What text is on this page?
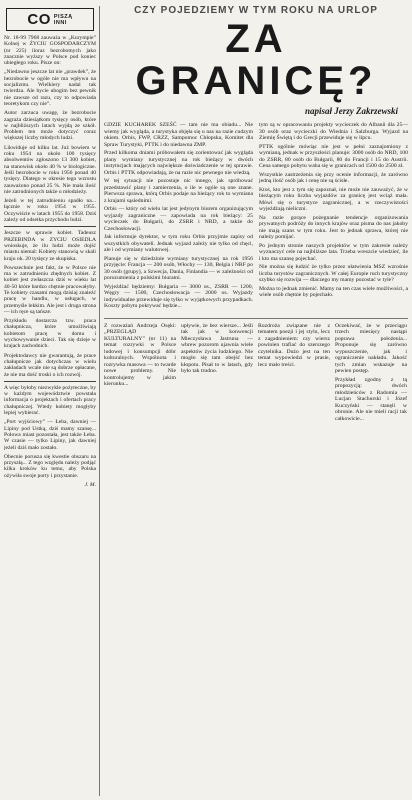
CO PISZĄ
INNI

Nr. 18-99 7968 zauważa w „Kurympie” Kolnej w ŻYCIU GOSPODARCZYM (nr 225) iloraz bezrobotnych jako znacznie wyższy w Polsce pod koniec ubiegłego roku. Pisze on:

„Niedawno jeszcze lat nie „prawdek”, że bezrobocie w ogóle nie ma wpływu na socjalizmu. Wielkiery nadal tak twierdza. Ale bycie ubogim bez pewnik nie zawsze od razu, czy to odpowiada teoretykom czy nie”.

Autor zarzuca uwagę, że bezrobocie zagraża dziesiątkom tysięcy osób, które w najbliższych latach wyjdą ze szkół. Problem ten może dotyczyć coraz większej liczby młodych ludzi.

Likwiduje od kilku lat. Już bowiem w roku 1954 na około 100 tysięcy absolwentów zgłoszono 13 300 kobiet, na stanowisk około 40 % w biologiczne. Jeśli bezrobocie w roku 1956 ponad 40 tysięcy. Dlatego w okresie tego wzrostu zauważono ponad 25 %. Nie mała ilość nie zatrudnionych także u młodzieży.

Jeżeli w tej zatrudnieniu spadło na... łącznie w roku 1954 w 1955. Oczywiście w latach 1955 do 1958. Dziś zależy od odsetka przychodu ludzi.

Jeszcze w sprawie kobiet. Tadeusz PRZEBINDA w ZYCIU OSIEDLA wnioskuje, że ilu ludzi może dojść miastu niemal: Kobiety stanowią w skali kraju ok. 20 tysięcy ze skupiska.

Powszechnie jest fakt, że w Polsce nie ma w zatrudnieniu zbędnych kobiet. Z kobiet jest zwłaszcza dziś w wieku lat 40-50 które bardzo chętnie pracowałyby. Te kobiety czasami mogą dzisiaj znaleźć pracę w handlu, w usługach, w przemyśle lekkim. Ale jest i druga strona — ich ręce są tańsze.

Przykładu dostarcza tzw. praca chałupnicza, które umożliwiają kobietom pracę w domu i wychowywanie dzieci. Tak się dzieje w krajach zachodnich.

Projektodawcy nie gwarantują, że prace chałupnicze jak dotychczas w wielu zakładach wcale nie są dobrze opłacane, że nie ma dość troski o ich rozwój.

A więc byłoby niezwykle pożyteczne, by w każdym województwie powstała informacja o projektach i ofertach pracy chałupniczej. Wtedy kobiety mogłyby lepiej wybierać.

„Port wyjściowy” — Łeba, dawniej — Lipiny pod Ustką, dziś mamy szansę... Połowa miast pozostała, jest także Łeba. W czasie — tylko Lipiny, jak dawniej jeżeli dziś mało zostało.

Obecnie porusza się kwestie obszaru na przyszłą... Z tego względu należy podjąć kilka kroków ku temu, aby Polska ożywiła swoje porty i przystanie.

J. M.

CZY POJEDZIEMY W TYM ROKU NA URLOP
ZA GRANICĘ?
napisał Jerzy Zakrzewski

GDZIE KUCHAREK SZEŚĆ — tam nie ma obiadu... Nie wiemy jak wygląda, a turystyka objęła się u nas na razie cudzym okiem. Orbis, FWP, CRZZ, Sampomoc Chłopska, Komitet dla Spraw Turystyki, PTTK i do niedawna ZMP.

Przed kilkoma dniami próbowałem się zorientować jak wygląda plany wymiany turystycznej na rok bieżący w dwóch instytucjach mających największe doświadczenie w tej sprawie. Orbis i PTTK odpowiadają, że na razie nic pewnego nie wiedzą.

W tej sytuacji nie pozostaje nic innego, jak spróbować przedstawić plany i zamierzenia, o ile w ogóle są one znane. Pierwsza sprawa, którą Orbis podaje na bieżący rok to wymiana z krajami sąsiednimi.

Orbis — który od wielu lat jest jedynym biurem organizującym wyjazdy zagraniczne — zapowiada na rok bieżący: 25 wycieczek do Bułgarii, do ZSRR i NRD, a także do Czechosłowacji.

Jak informuje dyrektor, w tym roku Orbis przyjmie zapisy od wszystkich obywateli. Jednak wyjazd zależy nie tylko od chęci, ale i od wymiany walutowej.

Planuje się w dziedzinie wymiany turystycznej na rok 1956 przyjęcie: Francja — 200 osób, Włochy — 130, Belgia i NRF po 30 osób (grupy), a Szwecja, Dania, Finlandia — w zależności od porozumienia z polskimi biurami.

Wyjeżdżać będziemy: Bułgaria — 3000 os., ZSRR — 1200, Węgry — 1500, Czechosłowacja — 2000 os. Wyjazdy indywidualne przewiduje się tylko w wyjątkowych przypadkach. Koszty pobytu pokrywać będzie...

tym są w opracowaniu projekty wycieczek do Albanii dla 25—30 osób oraz wycieczki do Wiednia i Salzburga. Wyjazd na Ziemię Świętą i do Grecji przewiduje się w lipcu.

PTTK ogólnie mówiąc nie jest w pełni zaznajomiony z wymianą, jednak w przyszłości planuje: 3000 osób do NRD, 100 do ZSRR, 80 osób do Bułgarii, 80 do Francji i 15 do Austrii. Cena samego pobytu waha się w granicach od 1500 do 2500 zł.

Wszystkie zastrzeżenia się przy ocenie informacji, że zarówno jedną ilość osób jak i cenę nie są ścisłe.

Ktoś, kto jest z tym się zapoznał, nie może nie zauważyć, że w bieżącym roku liczba wyjazdów za granicę jest wciąż mała. Mówi się o turystyce zagranicznej, a w rzeczywistości wyjeżdżają nieliczni.

Na razie gorące pożegnanie tendencje organizowania prywatnych podróży do innych krajów oraz pisma do nas jakoby nie mają szans w tym roku. Jest to jednak sprawa, której nie należy pomijać.

Po jednym stronie naszych projektów w tym zakresie należy wyznaczyć cele na najbliższe lata. Trzeba wreszcie wiedzieć, ile i kto ma szansę pojechać.

Nie można się łudzić że tylko przez ułatwienia MSZ wzrośnie liczba turystów zagranicznych. W całej Europie ruch turystyczny szybko się rozwija — dlaczego my mamy pozostać w tyle?

Można to jednak zmienić. Mamy na ten czas wiele możliwości, a wiele osób chętnie by pojechało.

Z rozważań Andrzeja Osęki: „PRZEGLĄD KULTURALNY” (nr 11) na temat rozrywki w Polsce ludowej i konsumpcji dóbr kulturalnych. Wspólnota i rozrywka masowa — to twarde nowe problemy. Nie kontrolujemy w jakim kierunku...

upływie, że bez wiersze... Jeśli tak jak w konwencji Mieczysława Jastruna — wbrew pozorom ujawnia wiele aspektów życia ludzkiego. Nie mogło się tam obejść bez kłopotu. Pisał to w latach, gdy było tak trudno.

Rozdroża związane nie z tematem poezji i jej stylu, lecz z zagadnieniem: czy wiersz powinien trafiać do szerszego czytelnika. Dużo jest na ten temat wypowiedzi w prasie, lecz mało treści.

Oczekiwać, że w przeciągu trzech miesięcy nastąpi poprawa położenia... Proponuje się zarówno wypuszczenie, jak i ograniczenie nakładu. Jakość tych zmian wskazuje na pewien postęp.

Przykład zgodny z tą propozycją: dwóch młodzieńców z Radomia — Lucjan Stachurski i Józef Kuczyński — stanęli w obronie. Ale nie mieli racji tak całkowicie...
